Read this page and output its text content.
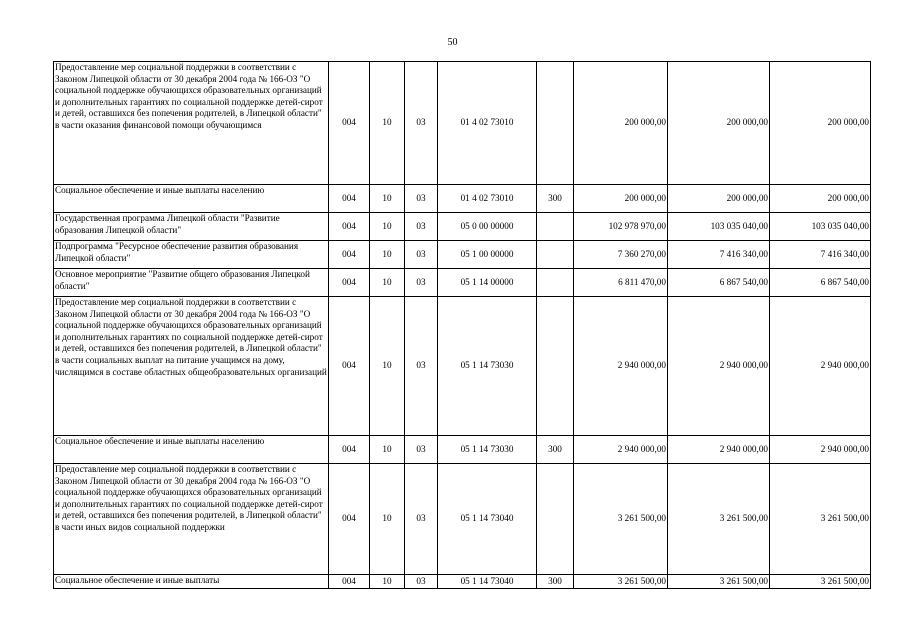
50
Предоставление мер социальной поддержки в соответствии с Законом Липецкой области от 30 декабря 2004 года № 166-ОЗ "О социальной поддержке обучающихся образовательных организаций и дополнительных гарантиях по социальной поддержке детей-сирот и детей, оставшихся без попечения родителей, в Липецкой области" в части оказания финансовой помощи обучающимся	004	10	03	01 4 02 73010		200 000,00	200 000,00	200 000,00
Социальное обеспечение и иные выплаты населению	004	10	03	01 4 02 73010	300	200 000,00	200 000,00	200 000,00
Государственная программа Липецкой области "Развитие образования Липецкой области"	004	10	03	05 0 00 00000		102 978 970,00	103 035 040,00	103 035 040,00
Подпрограмма "Ресурсное обеспечение развития образования Липецкой области"	004	10	03	05 1 00 00000		7 360 270,00	7 416 340,00	7 416 340,00
Основное мероприятие "Развитие общего образования Липецкой области"	004	10	03	05 1 14 00000		6 811 470,00	6 867 540,00	6 867 540,00
Предоставление мер социальной поддержки в соответствии с Законом Липецкой области от 30 декабря 2004 года № 166-ОЗ "О социальной поддержке обучающихся образовательных организаций и дополнительных гарантиях по социальной поддержке детей-сирот и детей, оставшихся без попечения родителей, в Липецкой области" в части социальных выплат на питание учащимся на дому, числящимся в составе областных общеобразовательных организаций	004	10	03	05 1 14 73030		2 940 000,00	2 940 000,00	2 940 000,00
Социальное обеспечение и иные выплаты населению	004	10	03	05 1 14 73030	300	2 940 000,00	2 940 000,00	2 940 000,00
Предоставление мер социальной поддержки в соответствии с Законом Липецкой области от 30 декабря 2004 года № 166-ОЗ "О социальной поддержке обучающихся образовательных организаций и дополнительных гарантиях по социальной поддержке детей-сирот и детей, оставшихся без попечения родителей, в Липецкой области" в части иных видов социальной поддержки	004	10	03	05 1 14 73040		3 261 500,00	3 261 500,00	3 261 500,00
Социальное обеспечение и иные выплаты	004	10	03	05 1 14 73040	300	3 261 500,00	3 261 500,00	3 261 500,00
